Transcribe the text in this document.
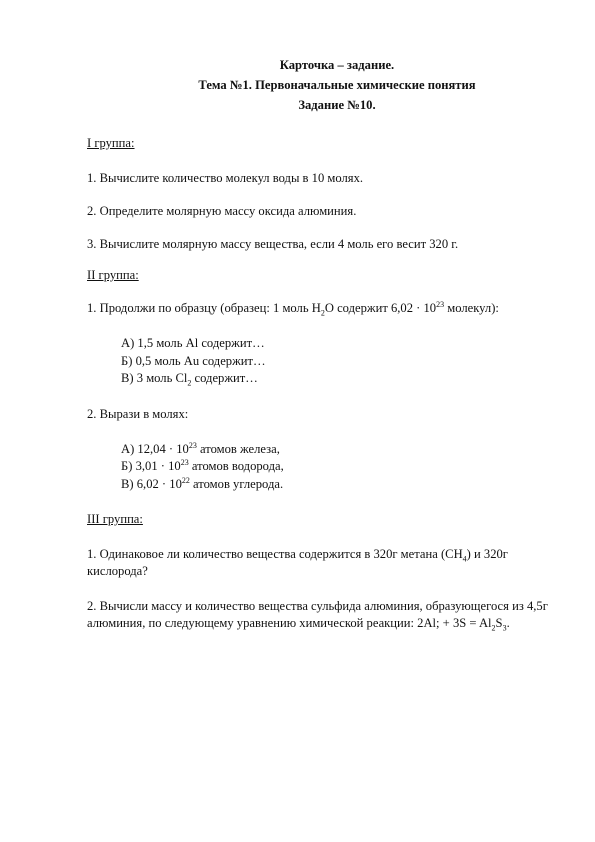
Карточка – задание.

Тема №1. Первоначальные химические понятия

Задание №10.

I группа:

1. Вычислите количество молекул воды в 10 молях.

2. Определите молярную массу оксида алюминия.

3. Вычислите молярную массу вещества, если 4 моль его весит 320 г.

II группа:

1. Продолжи по образцу (образец: 1 моль $H_2O$ содержит $6,02 \cdot 10^{23}$ молекул):

А) 1,5 моль Al содержит…

Б) 0,5 моль Au содержит…

В) 3 моль $Cl_2$ содержит…

2. Вырази в молях:

А) $12,04 \cdot 10^{23}$ атомов железа,

Б) $3,01 \cdot 10^{23}$ атомов водорода,

В) $6,02 \cdot 10^{22}$ атомов углерода.

III группа:

1. Одинаковое ли количество вещества содержится в 320г метана $(CH_4)$ и 320г кислорода?

2. Вычисли массу и количество вещества сульфида алюминия, образующегося из 4,5г алюминия, по следующему уравнению химической реакции: 2Al; + $3S = Al_2S_3$.
